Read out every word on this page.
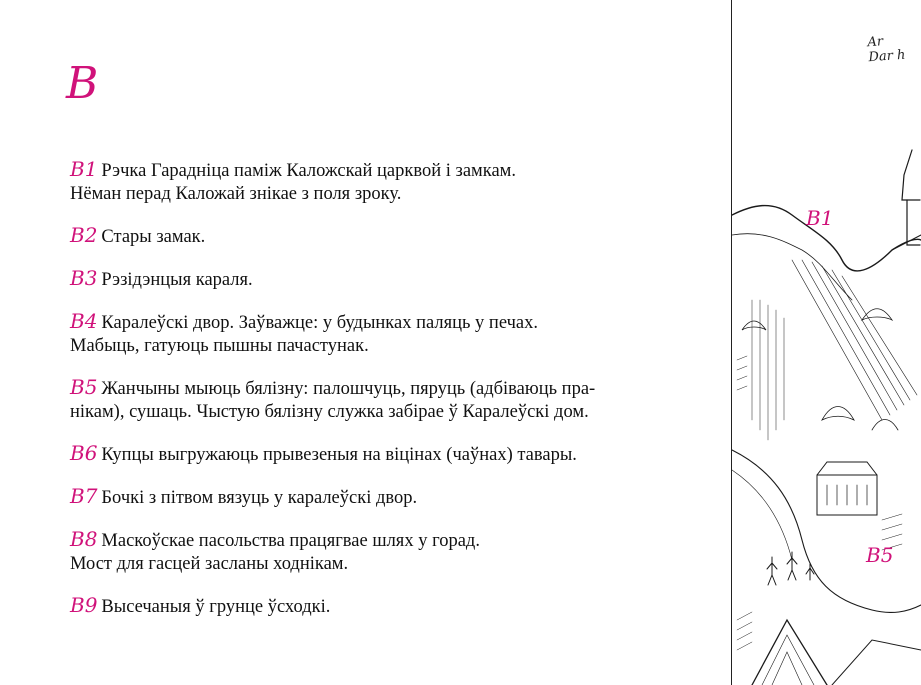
В
В1 Рэчка Гараднiца памiж Каложскай царквой i замкам.
Нёман перад Каложай знiкае з поля зроку.
В2 Стары замак.
В3 Рэзiдэнцыя караля.
В4 Каралеўскi двор. Заўважце: у будынках паляць у печах.
Мабыць, гатуюць пышны пачастунак.
В5 Жанчыны мыюць бялiзну: палошчуць, пяруць (адбiваюць пра-
нiкам), сушаць. Чыстую бялiзну служка забiрае ў Каралеўскi дом.
В6 Купцы выгружаюць прывезеныя на вiцiнах (чаўнах) тавары.
В7 Бочкi з пiтвом вязуць у каралеўскi двор.
В8 Маскоўскае пасольства працягвае шлях у горад.
Мост для гасцей засланы ходнiкам.
В9 Высечаныя ў грунце ўсходкi.
Ar
Dar h
В1
В5
